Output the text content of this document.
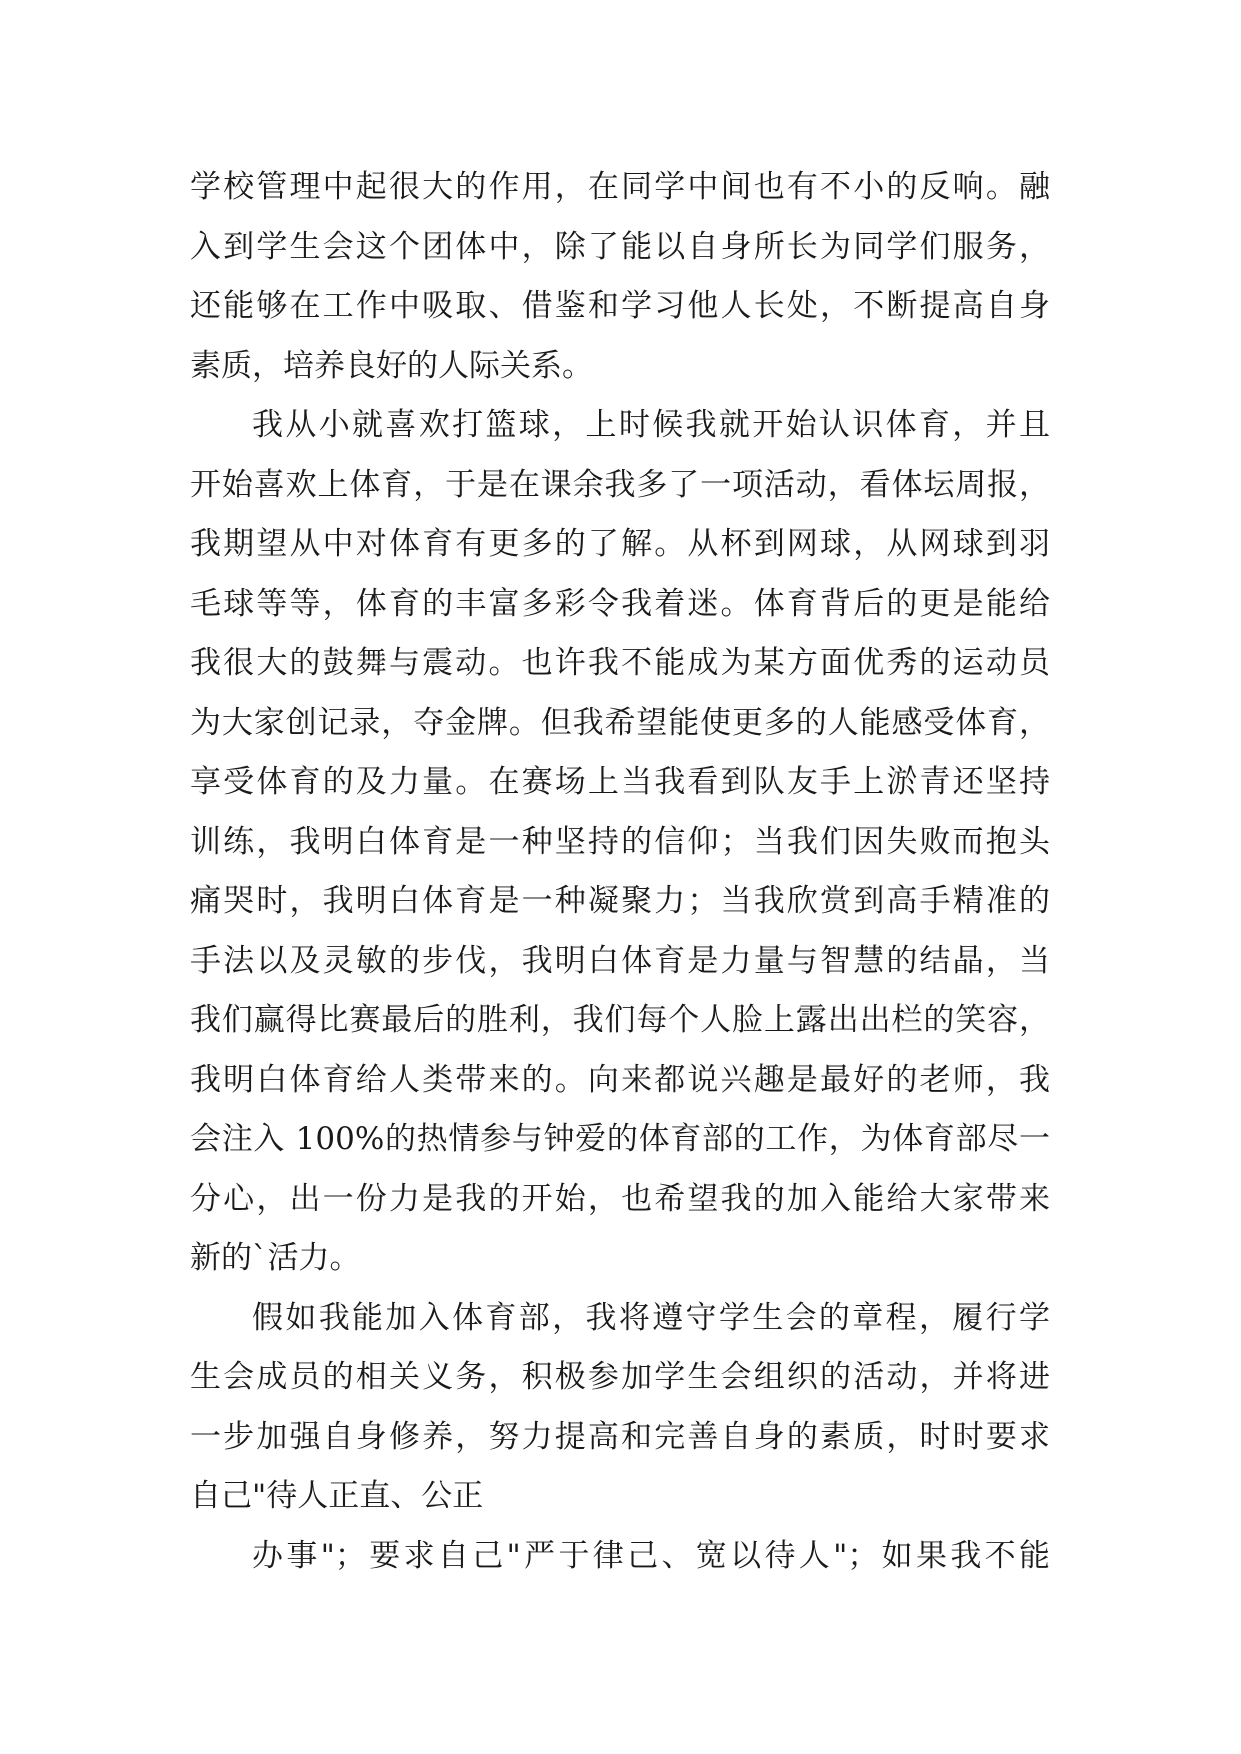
学校管理中起很大的作用，在同学中间也有不小的反响。融
入到学生会这个团体中，除了能以自身所长为同学们服务，
还能够在工作中吸取、借鉴和学习他人长处，不断提高自身
素质，培养良好的人际关系。
我从小就喜欢打篮球，上时候我就开始认识体育，并且
开始喜欢上体育，于是在课余我多了一项活动，看体坛周报，
我期望从中对体育有更多的了解。从杯到网球，从网球到羽
毛球等等，体育的丰富多彩令我着迷。体育背后的更是能给
我很大的鼓舞与震动。也许我不能成为某方面优秀的运动员
为大家创记录，夺金牌。但我希望能使更多的人能感受体育，
享受体育的及力量。在赛场上当我看到队友手上淤青还坚持
训练，我明白体育是一种坚持的信仰；当我们因失败而抱头
痛哭时，我明白体育是一种凝聚力；当我欣赏到高手精准的
手法以及灵敏的步伐，我明白体育是力量与智慧的结晶，当
我们赢得比赛最后的胜利，我们每个人脸上露出出栏的笑容，
我明白体育给人类带来的。向来都说兴趣是最好的老师，我
会注入 100%的热情参与钟爱的体育部的工作，为体育部尽一
分心，出一份力是我的开始，也希望我的加入能给大家带来
新的`活力。
假如我能加入体育部，我将遵守学生会的章程，履行学
生会成员的相关义务，积极参加学生会组织的活动，并将进
一步加强自身修养，努力提高和完善自身的素质，时时要求
自己"待人正直、公正
办事"；要求自己"严于律己、宽以待人"；如果我不能
